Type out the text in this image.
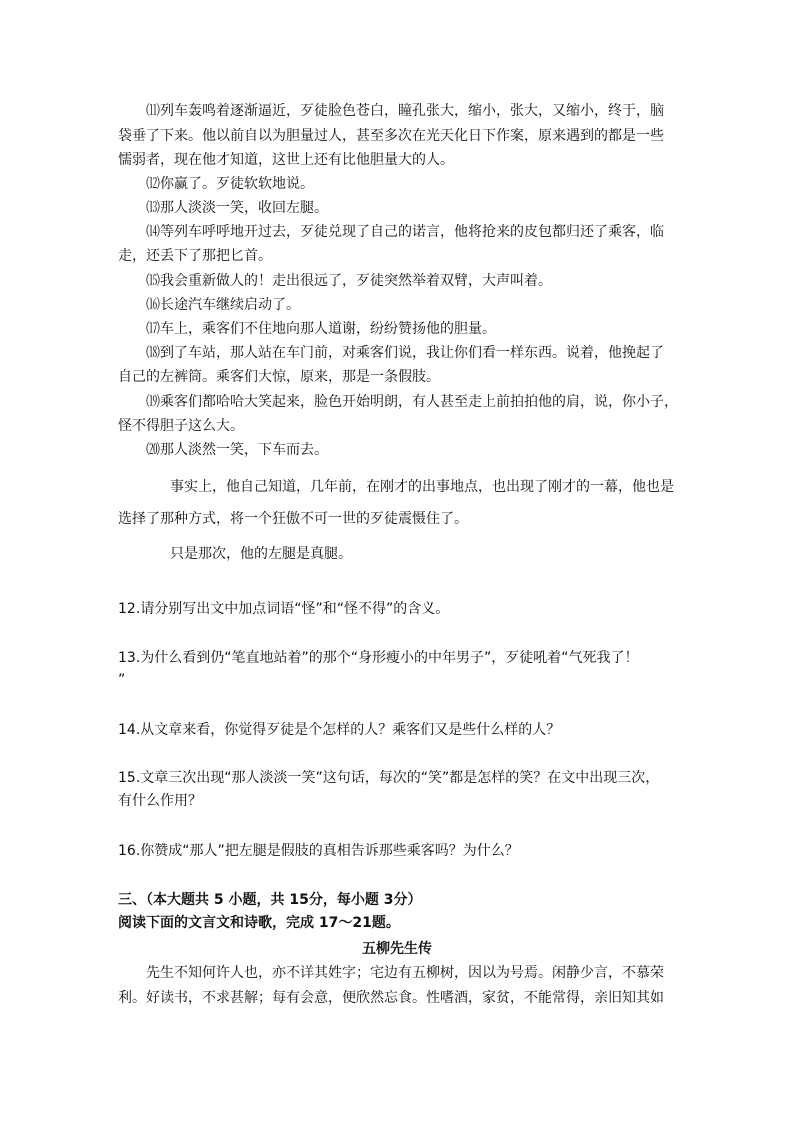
⑾列车轰鸣着逐渐逼近，歹徒脸色苍白，瞳孔张大，缩小，张大，又缩小，终于，脑
袋垂了下来。他以前自以为胆量过人，甚至多次在光天化日下作案，原来遇到的都是一些
懦弱者，现在他才知道，这世上还有比他胆量大的人。
⑿你赢了。歹徒软软地说。
⒀那人淡淡一笑，收回左腿。
⒁等列车呼呼地开过去，歹徒兑现了自己的诺言，他将抢来的皮包都归还了乘客，临
走，还丢下了那把匕首。
⒂我会重新做人的！走出很远了，歹徒突然举着双臂，大声叫着。
⒃长途汽车继续启动了。
⒄车上，乘客们不住地向那人道谢，纷纷赞扬他的胆量。
⒅到了车站，那人站在车门前，对乘客们说，我让你们看一样东西。说着，他挽起了
自己的左裤筒。乘客们大惊，原来，那是一条假肢。
⒆乘客们都哈哈大笑起来，脸色开始明朗，有人甚至走上前拍拍他的肩，说，你小子，
怪不得胆子这么大。
⒇那人淡然一笑，下车而去。
事实上，他自己知道，几年前，在刚才的出事地点，也出现了刚才的一幕，他也是
选择了那种方式，将一个狂傲不可一世的歹徒震慑住了。
只是那次，他的左腿是真腿。
12.请分别写出文中加点词语“怪”和“怪不得”的含义。
13.为什么看到仍“笔直地站着”的那个“身形瘦小的中年男子”，歹徒吼着“气死我了！
”
14.从文章来看，你觉得歹徒是个怎样的人？乘客们又是些什么样的人？
15.文章三次出现“那人淡淡一笑”这句话，每次的“笑”都是怎样的笑？在文中出现三次，
有什么作用？
16.你赞成“那人”把左腿是假肢的真相告诉那些乘客吗？为什么？
三、（本大题共 5 小题，共 15分，每小题 3分）
阅读下面的文言文和诗歌，完成 17～21题。
五柳先生传
先生不知何许人也，亦不详其姓字；宅边有五柳树，因以为号焉。闲静少言，不慕荣
利。好读书，不求甚解；每有会意，便欣然忘食。性嗜酒，家贫，不能常得，亲旧知其如
